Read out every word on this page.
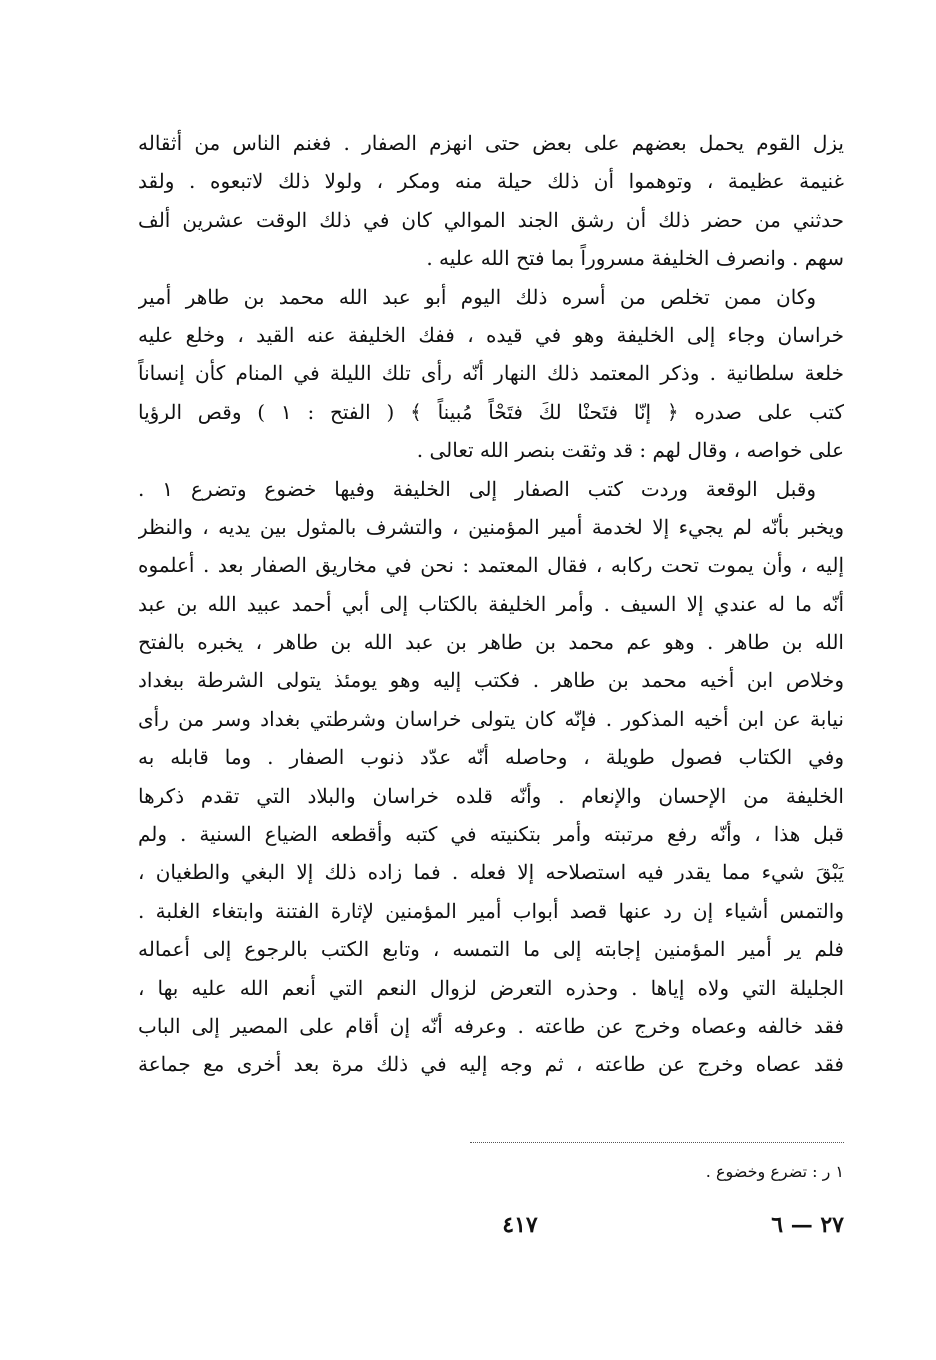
يزل القوم يحمل بعضهم على بعض حتى انهزم الصفار . فغنم الناس من أثقاله
غنيمة عظيمة ، وتوهموا أن ذلك حيلة منه ومكر ، ولولا ذلك لاتبعوه . ولقد
حدثني من حضر ذلك أن رشق الجند الموالي كان في ذلك الوقت عشرين ألف
سهم . وانصرف الخليفة مسروراً بما فتح الله عليه .
وكان ممن تخلص من أسره ذلك اليوم أبو عبد الله محمد بن طاهر أمير
خراسان وجاء إلى الخليفة وهو في قيده ، ففك الخليفة عنه القيد ، وخلع عليه
خلعة سلطانية . وذكر المعتمد ذلك النهار أنّه رأى تلك الليلة في المنام كأن إنساناً
كتب على صدره ﴿ إنّا فتَحنْا لكَ فتَحْاً مُبيناً ﴾ ( الفتح : ١ ) وقص الرؤيا
على خواصه ، وقال لهم : قد وثقت بنصر الله تعالى .
وقبل الوقعة وردت كتب الصفار إلى الخليفة وفيها خضوع وتضرع ١ .
ويخبر بأنّه لم يجيء إلا لخدمة أمير المؤمنين ، والتشرف بالمثول بين يديه ، والنظر
إليه ، وأن يموت تحت ركابه ، فقال المعتمد : نحن في مخاريق الصفار بعد . أعلموه
أنّه ما له عندي إلا السيف . وأمر الخليفة بالكتاب إلى أبي أحمد عبيد الله بن عبد
الله بن طاهر . وهو عم محمد بن طاهر بن عبد الله بن طاهر ، يخبره بالفتح
وخلاص ابن أخيه محمد بن طاهر . فكتب إليه وهو يومئذ يتولى الشرطة ببغداد
نيابة عن ابن أخيه المذكور . فإنّه كان يتولى خراسان وشرطتي بغداد وسر من رأى
وفي الكتاب فصول طويلة ، وحاصله أنّه عدّد ذنوب الصفار . وما قابله به
الخليفة من الإحسان والإنعام . وأنّه قلده خراسان والبلاد التي تقدم ذكرها
قبل هذا ، وأنّه رفع مرتبته وأمر بتكنيته في كتبه وأقطعه الضياع السنية . ولم
يَبْقَ شيء مما يقدر فيه استصلاحه إلا فعله . فما زاده ذلك إلا البغي والطغيان ،
والتمس أشياء إن رد عنها قصد أبواب أمير المؤمنين لإثارة الفتنة وابتغاء الغلبة .
فلم ير أمير المؤمنين إجابته إلى ما التمسه ، وتابع الكتب بالرجوع إلى أعماله
الجليلة التي ولاه إياها . وحذره التعرض لزوال النعم التي أنعم الله عليه بها ،
فقد خالفه وعصاه وخرج عن طاعته . وعرفه أنّه إن أقام على المصير إلى الباب
فقد عصاه وخرج عن طاعته ، ثم وجه إليه في ذلك مرة بعد أخرى مع جماعة
١ ر : تضرع وخضوع .
٤١٧	٢٧ — ٦
